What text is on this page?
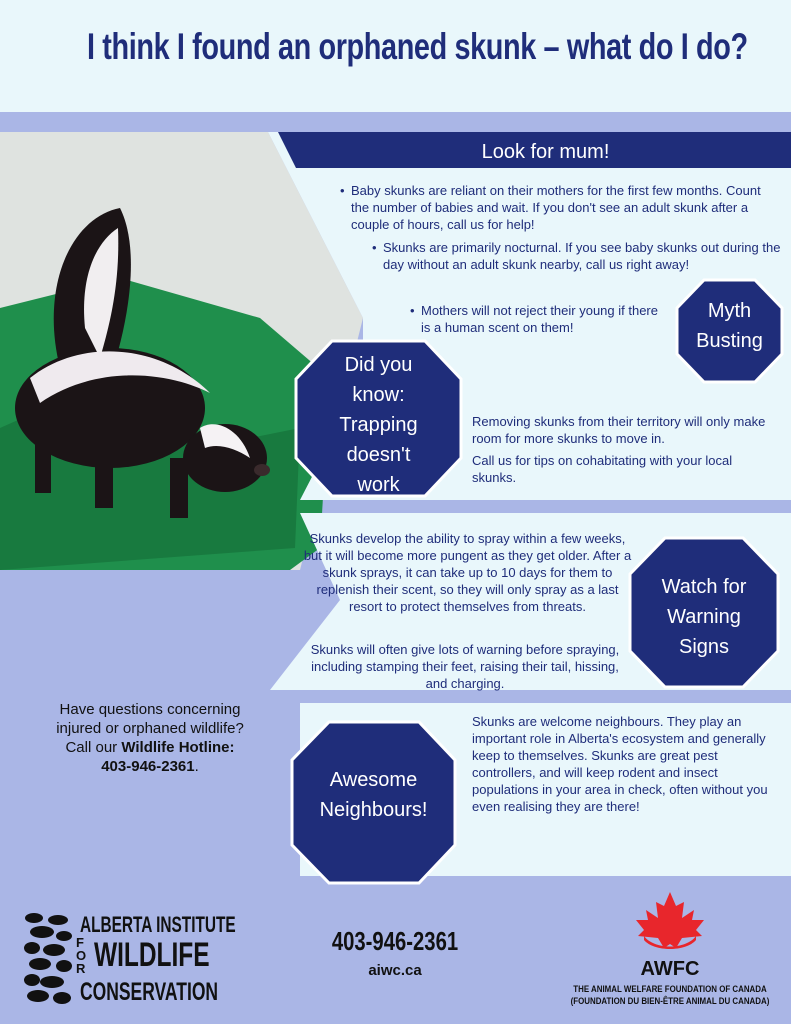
I think I found an orphaned skunk – what do I do?
Look for mum!
• Baby skunks are reliant on their mothers for the first few months. Count the number of babies and wait. If you don't see an adult skunk after a couple of hours, call us for help!
• Skunks are primarily nocturnal. If you see baby skunks out during the day without an adult skunk nearby, call us right away!
• Mothers will not reject their young if there is a human scent on them!
Myth
Busting
Did you
know:
Trapping
doesn't
work
Removing skunks from their territory will only make room for more skunks to move in.
Call us for tips on cohabitating with your local skunks.
Skunks develop the ability to spray within a few weeks, but it will become more pungent as they get older. After a skunk sprays, it can take up to 10 days for them to replenish their scent, so they will only spray as a last resort to protect themselves from threats.
Skunks will often give lots of warning before spraying, including stamping their feet, raising their tail, hissing, and charging.
Watch for
Warning
Signs
Awesome
Neighbours!
Skunks are welcome neighbours. They play an important role in Alberta's ecosystem and generally keep to themselves. Skunks are great pest controllers, and will keep rodent and insect populations in your area in check, often without you even realising they are there!
Have questions concerning
injured or orphaned wildlife?
Call our Wildlife Hotline:
403-946-2361.
ALBERTA INSTITUTE
FOR WILDLIFE
CONSERVATION
403-946-2361
aiwc.ca	AWFC
THE ANIMAL WELFARE FOUNDATION OF CANADA
(FOUNDATION DU BIEN-ÊTRE ANIMAL DU CANADA)
